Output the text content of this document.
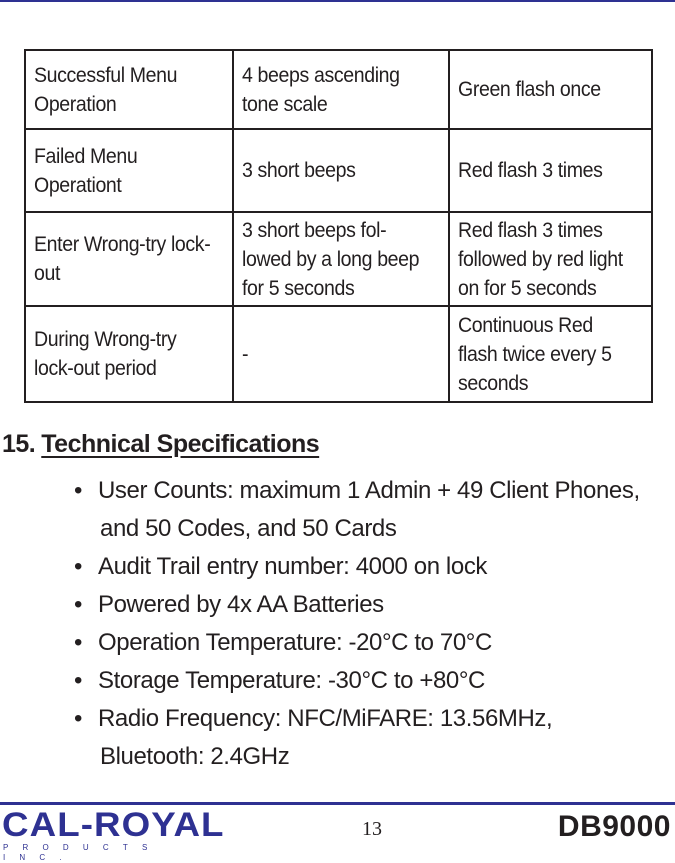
Successful Menu Operation	4 beeps ascending tone scale	Green flash once
Failed Menu Operationt	3 short beeps	Red flash 3 times
Enter Wrong-try lock-out	3 short beeps fol-lowed by a long beep for 5 seconds	Red flash 3 times followed by red light on for 5 seconds
During Wrong-try lock-out period	-	Continuous Red flash twice every 5 seconds
15. Technical Specifications
• User Counts: maximum 1 Admin + 49 Client Phones,
and 50 Codes, and 50 Cards
• Audit Trail entry number: 4000 on lock
• Powered by 4x AA Batteries
• Operation Temperature: -20°C to 70°C
• Storage Temperature: -30°C to +80°C
• Radio Frequency: NFC/MiFARE: 13.56MHz,
Bluetooth: 2.4GHz
CAL-ROYAL
PRODUCTS INC.
13	DB9000
